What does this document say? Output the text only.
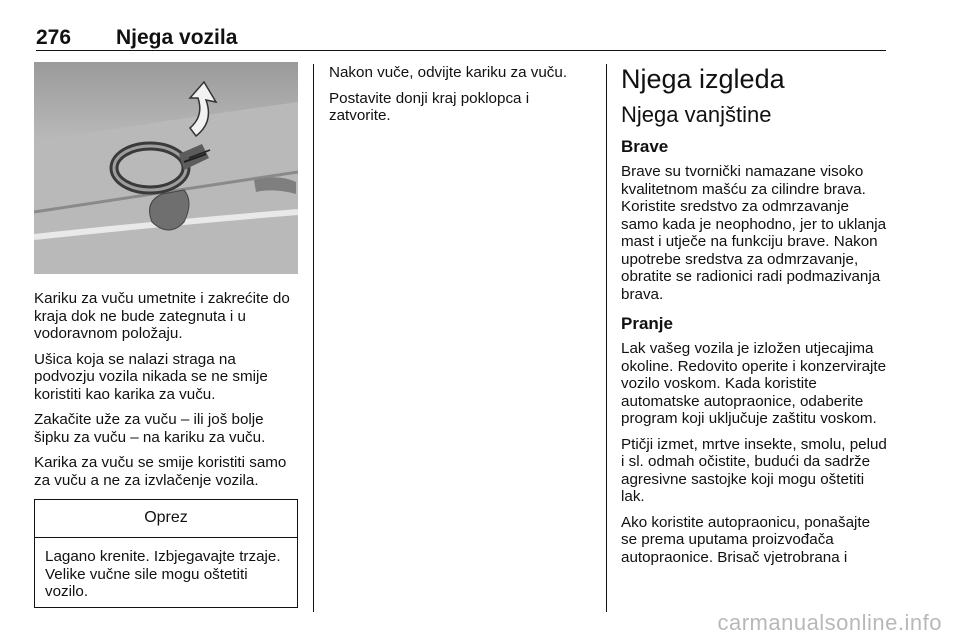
276 Njega vozila

Kariku za vuču umetnite i zakrećite do kraja dok ne bude zategnuta i u vodoravnom položaju.

Ušica koja se nalazi straga na podvozju vozila nikada se ne smije koristiti kao karika za vuču.

Zakačite uže za vuču – ili još bolje šipku za vuču – na kariku za vuču.

Karika za vuču se smije koristiti samo za vuču a ne za izvlačenje vozila.

Oprez

Lagano krenite. Izbjegavajte trzaje. Velike vučne sile mogu oštetiti vozilo.

Nakon vuče, odvijte kariku za vuču.

Postavite donji kraj poklopca i zatvorite.

Njega izgleda
Njega vanjštine
Brave

Brave su tvornički namazane visoko kvalitetnom mašću za cilindre brava. Koristite sredstvo za odmrzavanje samo kada je neophodno, jer to uklanja mast i utječe na funkciju brave. Nakon upotrebe sredstva za odmrzavanje, obratite se radionici radi podmazivanja brava.

Pranje

Lak vašeg vozila je izložen utjecajima okoline. Redovito operite i konzervirajte vozilo voskom. Kada koristite automatske autopraonice, odaberite program koji uključuje zaštitu voskom.

Ptičji izmet, mrtve insekte, smolu, pelud i sl. odmah očistite, budući da sadrže agresivne sastojke koji mogu oštetiti lak.

Ako koristite autopraonicu, ponašajte se prema uputama proizvođača autopraonice. Brisač vjetrobrana i

carmanualsonline.info
